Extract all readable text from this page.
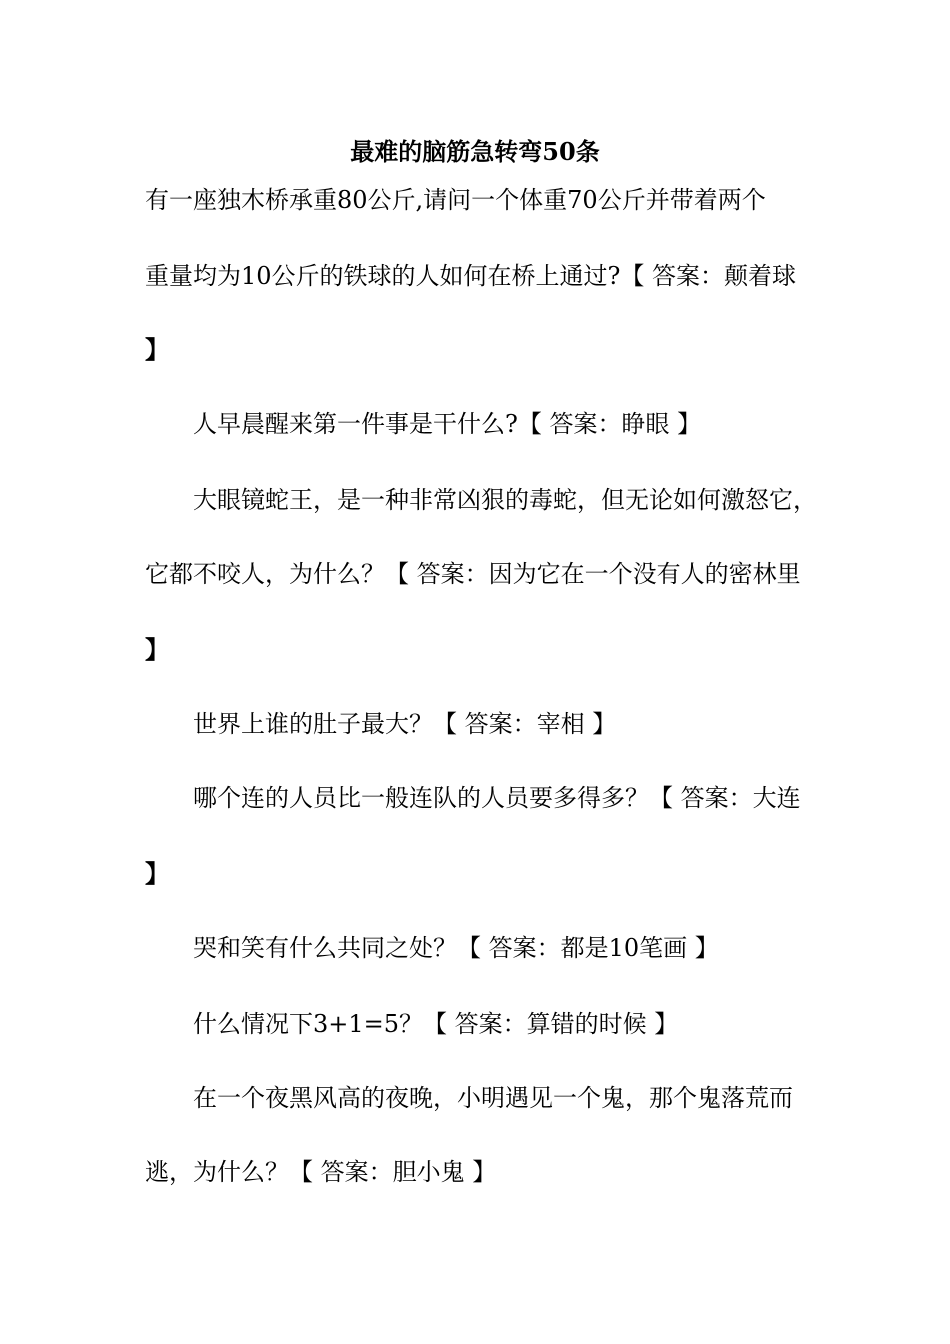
最难的脑筋急转弯50条
有一座独木桥承重80公斤,请问一个体重70公斤并带着两个
重量均为10公斤的铁球的人如何在桥上通过?【 答案：颠着球
】
人早晨醒来第一件事是干什么?【 答案：睁眼 】
大眼镜蛇王，是一种非常凶狠的毒蛇，但无论如何激怒它，
它都不咬人，为什么？【 答案：因为它在一个没有人的密林里
】
世界上谁的肚子最大？【 答案：宰相 】
哪个连的人员比一般连队的人员要多得多？【 答案：大连
】
哭和笑有什么共同之处？【 答案：都是10笔画 】
什么情况下3+1=5？【 答案：算错的时候 】
在一个夜黑风高的夜晚，小明遇见一个鬼，那个鬼落荒而
逃，为什么？【 答案：胆小鬼 】
